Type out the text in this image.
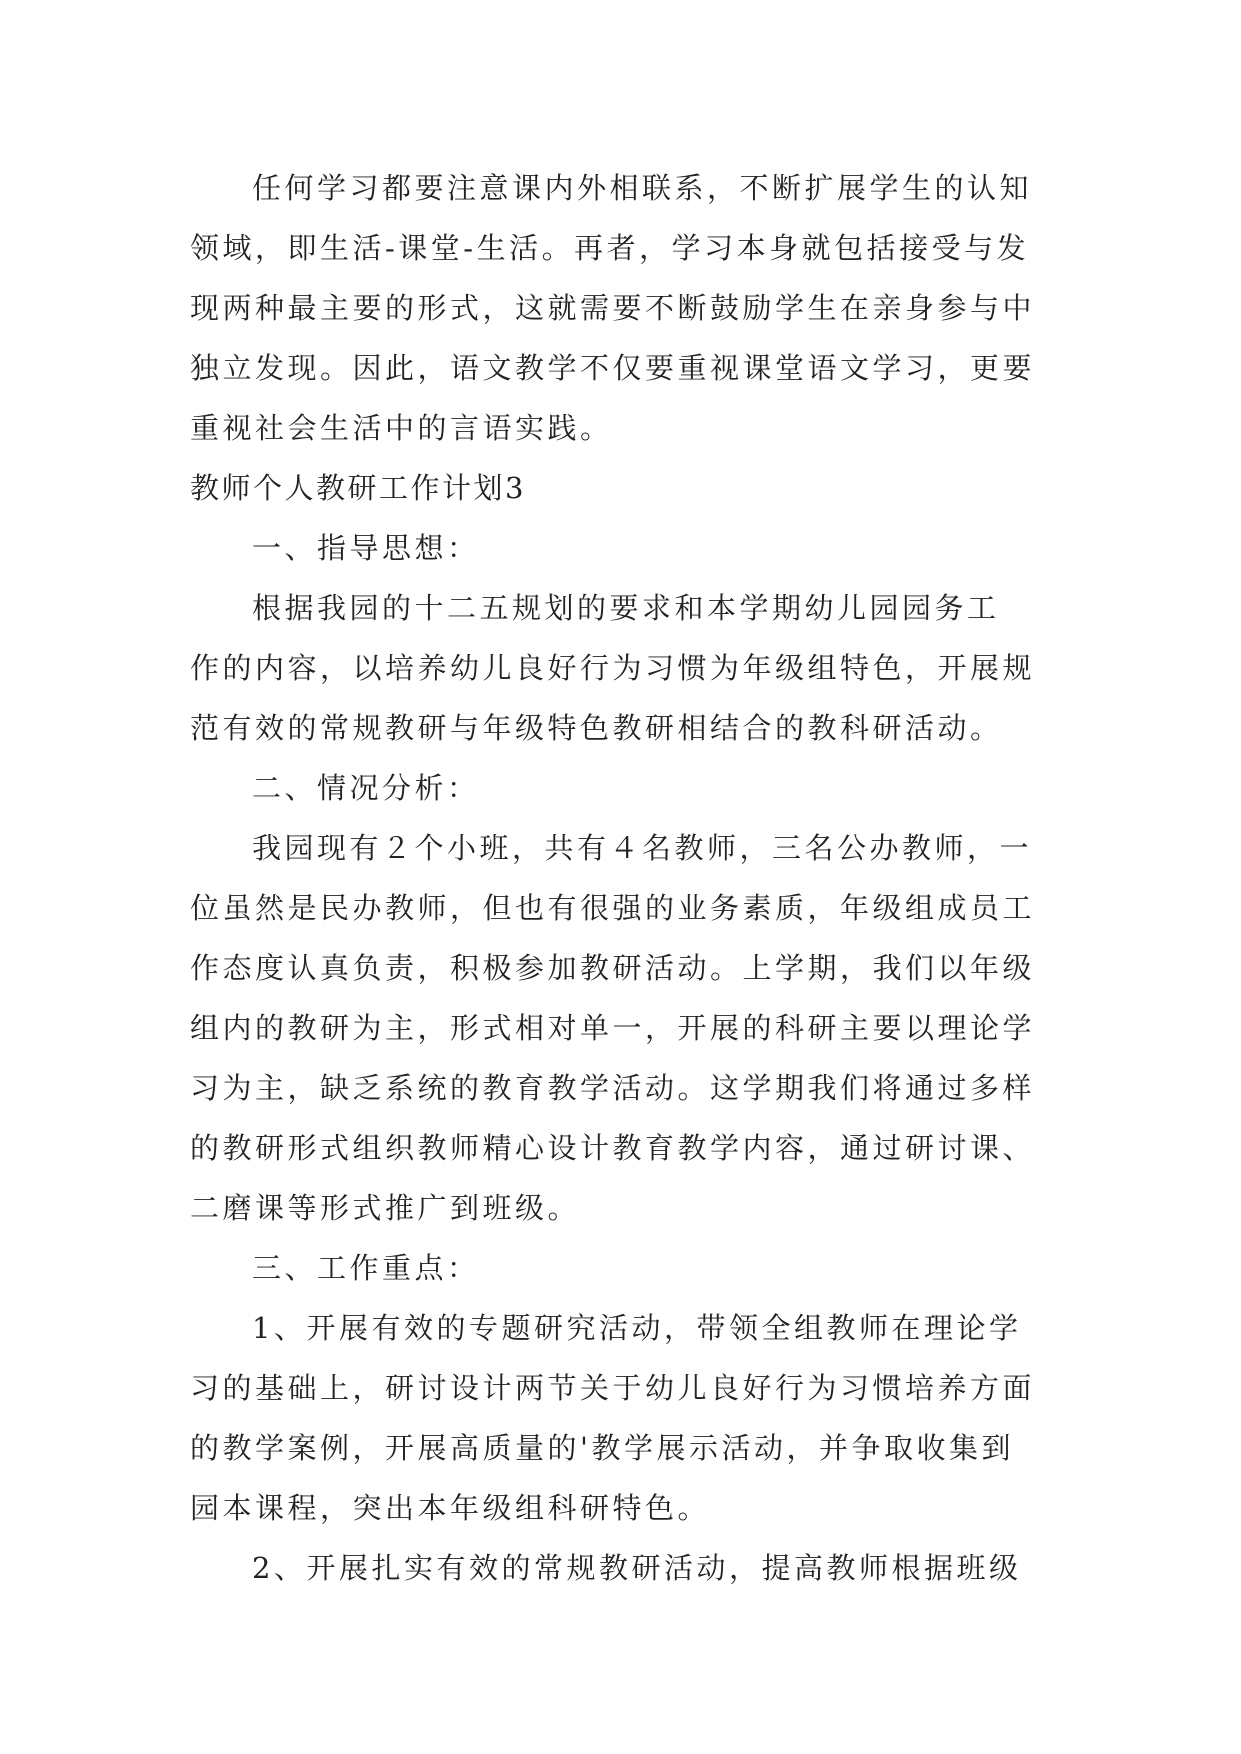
任何学习都要注意课内外相联系，不断扩展学生的认知
领域，即生活-课堂-生活。再者，学习本身就包括接受与发
现两种最主要的形式，这就需要不断鼓励学生在亲身参与中
独立发现。因此，语文教学不仅要重视课堂语文学习，更要
重视社会生活中的言语实践。
教师个人教研工作计划3
一、指导思想：
根据我园的十二五规划的要求和本学期幼儿园园务工
作的内容，以培养幼儿良好行为习惯为年级组特色，开展规
范有效的常规教研与年级特色教研相结合的教科研活动。
二、情况分析：
我园现有２个小班，共有４名教师，三名公办教师，一
位虽然是民办教师，但也有很强的业务素质，年级组成员工
作态度认真负责，积极参加教研活动。上学期，我们以年级
组内的教研为主，形式相对单一，开展的科研主要以理论学
习为主，缺乏系统的教育教学活动。这学期我们将通过多样
的教研形式组织教师精心设计教育教学内容，通过研讨课、
二磨课等形式推广到班级。
三、工作重点：
1、开展有效的专题研究活动，带领全组教师在理论学
习的基础上，研讨设计两节关于幼儿良好行为习惯培养方面
的教学案例，开展高质量的'教学展示活动，并争取收集到
园本课程，突出本年级组科研特色。
2、开展扎实有效的常规教研活动，提高教师根据班级
